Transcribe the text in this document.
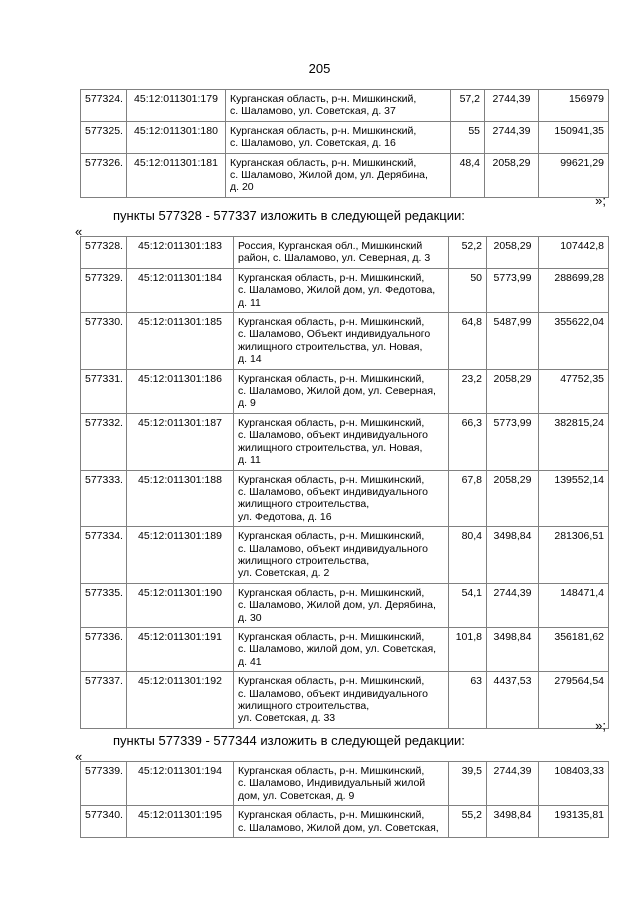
205
577324.	45:12:011301:179	Курганская область, р-н. Мишкинский,
с. Шаламово, ул. Советская, д. 37	57,2	2744,39	156979
577325.	45:12:011301:180	Курганская область, р-н. Мишкинский,
с. Шаламово, ул. Советская, д. 16	55	2744,39	150941,35
577326.	45:12:011301:181	Курганская область, р-н. Мишкинский,
с. Шаламово, Жилой дом, ул. Дерябина,
д. 20	48,4	2058,29	99621,29
»;
пункты 577328 - 577337 изложить в следующей редакции:
«
577328.	45:12:011301:183	Россия, Курганская обл., Мишкинский
район, с. Шаламово, ул. Северная, д. 3	52,2	2058,29	107442,8
577329.	45:12:011301:184	Курганская область, р-н. Мишкинский,
с. Шаламово, Жилой дом, ул. Федотова,
д. 11	50	5773,99	288699,28
577330.	45:12:011301:185	Курганская область, р-н. Мишкинский,
с. Шаламово, Объект индивидуального
жилищного строительства, ул. Новая,
д. 14	64,8	5487,99	355622,04
577331.	45:12:011301:186	Курганская область, р-н. Мишкинский,
с. Шаламово, Жилой дом, ул. Северная,
д. 9	23,2	2058,29	47752,35
577332.	45:12:011301:187	Курганская область, р-н. Мишкинский,
с. Шаламово, объект индивидуального
жилищного строительства, ул. Новая,
д. 11	66,3	5773,99	382815,24
577333.	45:12:011301:188	Курганская область, р-н. Мишкинский,
с. Шаламово, объект индивидуального
жилищного строительства,
ул. Федотова, д. 16	67,8	2058,29	139552,14
577334.	45:12:011301:189	Курганская область, р-н. Мишкинский,
с. Шаламово, объект индивидуального
жилищного строительства,
ул. Советская, д. 2	80,4	3498,84	281306,51
577335.	45:12:011301:190	Курганская область, р-н. Мишкинский,
с. Шаламово, Жилой дом, ул. Дерябина,
д. 30	54,1	2744,39	148471,4
577336.	45:12:011301:191	Курганская область, р-н. Мишкинский,
с. Шаламово, жилой дом, ул. Советская,
д. 41	101,8	3498,84	356181,62
577337.	45:12:011301:192	Курганская область, р-н. Мишкинский,
с. Шаламово, объект индивидуального
жилищного строительства,
ул. Советская, д. 33	63	4437,53	279564,54
»;
пункты 577339 - 577344 изложить в следующей редакции:
«
577339.	45:12:011301:194	Курганская область, р-н. Мишкинский,
с. Шаламово, Индивидуальный жилой
дом, ул. Советская, д. 9	39,5	2744,39	108403,33
577340.	45:12:011301:195	Курганская область, р-н. Мишкинский,
с. Шаламово, Жилой дом, ул. Советская,	55,2	3498,84	193135,81
